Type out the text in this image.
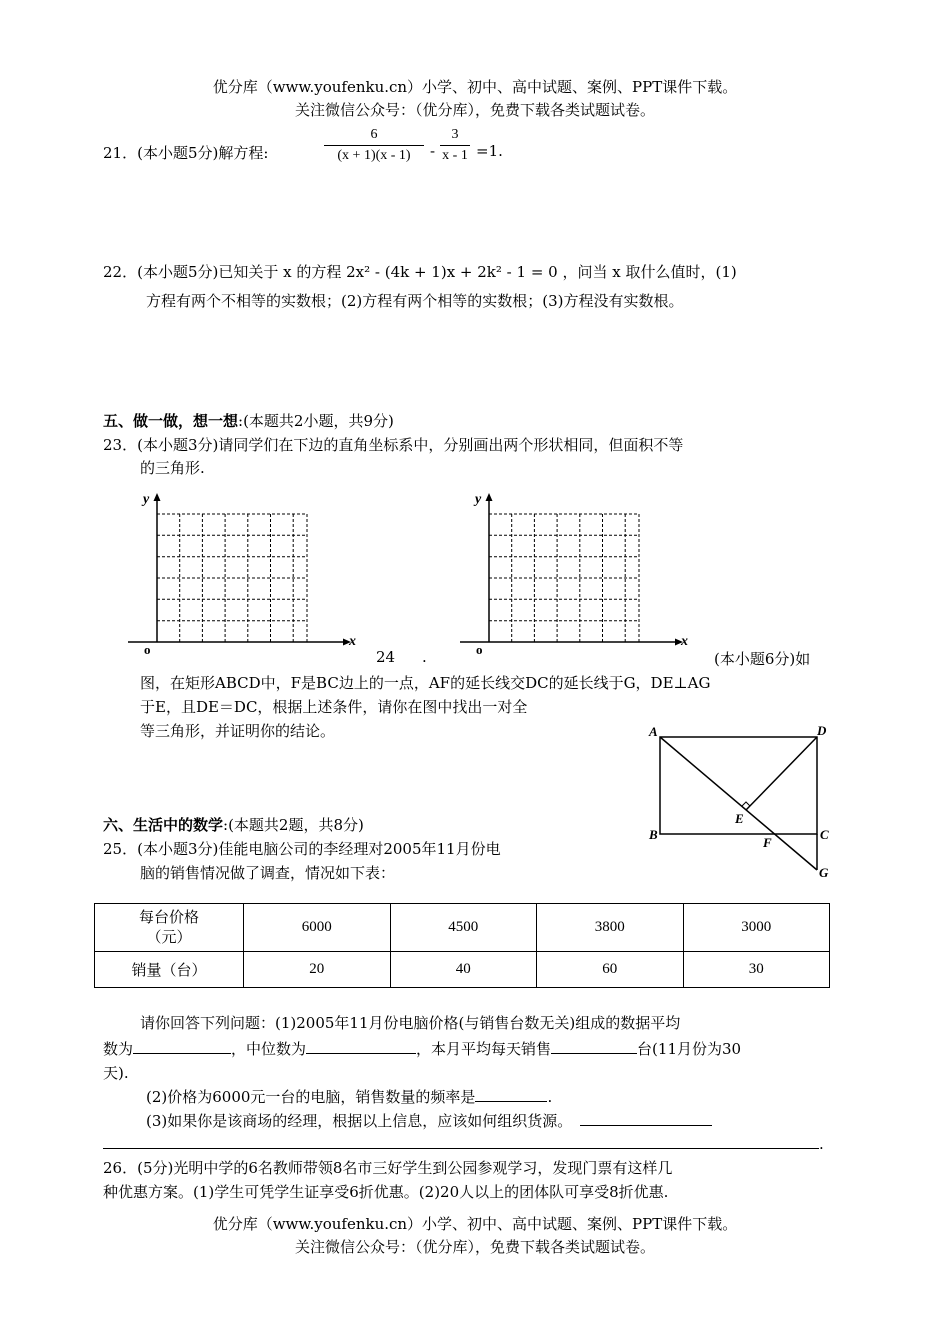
优分库（www.youfenku.cn）小学、初中、高中试题、案例、PPT课件下载。
关注微信公众号：（优分库），免费下载各类试题试卷。
21．(本小题5分)解方程:	$\frac{6}{(x + 1)(x - 1)} - \frac{3}{x - 1} =1$.
22．(本小题5分)已知关于 x 的方程 2x² - (4k + 1)x + 2k² - 1 = 0 ，问当 x 取什么值时，(1)
方程有两个不相等的实数根；(2)方程有两个相等的实数根；(3)方程没有实数根。
五、做一做，想一想:(本题共2小题，共9分)
23．(本小题3分)请同学们在下边的直角坐标系中，分别画出两个形状相同，但面积不等
的三角形.
y
x
o
y
x
o
24 .	(本小题6分)如
图，在矩形ABCD中，F是BC边上的一点，AF的延长线交DC的延长线于G，DE⊥AG
于E，且DE＝DC，根据上述条件，请你在图中找出一对全
等三角形，并证明你的结论。	A	D
B	C
E
F
G
六、生活中的数学:(本题共2题，共8分)
25．(本小题3分)佳能电脑公司的李经理对2005年11月份电
脑的销售情况做了调查，情况如下表：
每台价格
（元）	6000	4500	3800	3000
销量（台）	20	40	60	30
请你回答下列问题：(1)2005年11月份电脑价格(与销售台数无关)组成的数据平均
数为	，中位数为	，本月平均每天销售	台(11月份为30
天).
(2)价格为6000元一台的电脑，销售数量的频率是	.
(3)如果你是该商场的经理，根据以上信息，应该如何组织货源。
.
26．(5分)光明中学的6名教师带领8名市三好学生到公园参观学习，发现门票有这样几
种优惠方案。(1)学生可凭学生证享受6折优惠。(2)20人以上的团体队可享受8折优惠.
优分库（www.youfenku.cn）小学、初中、高中试题、案例、PPT课件下载。
关注微信公众号：（优分库），免费下载各类试题试卷。
